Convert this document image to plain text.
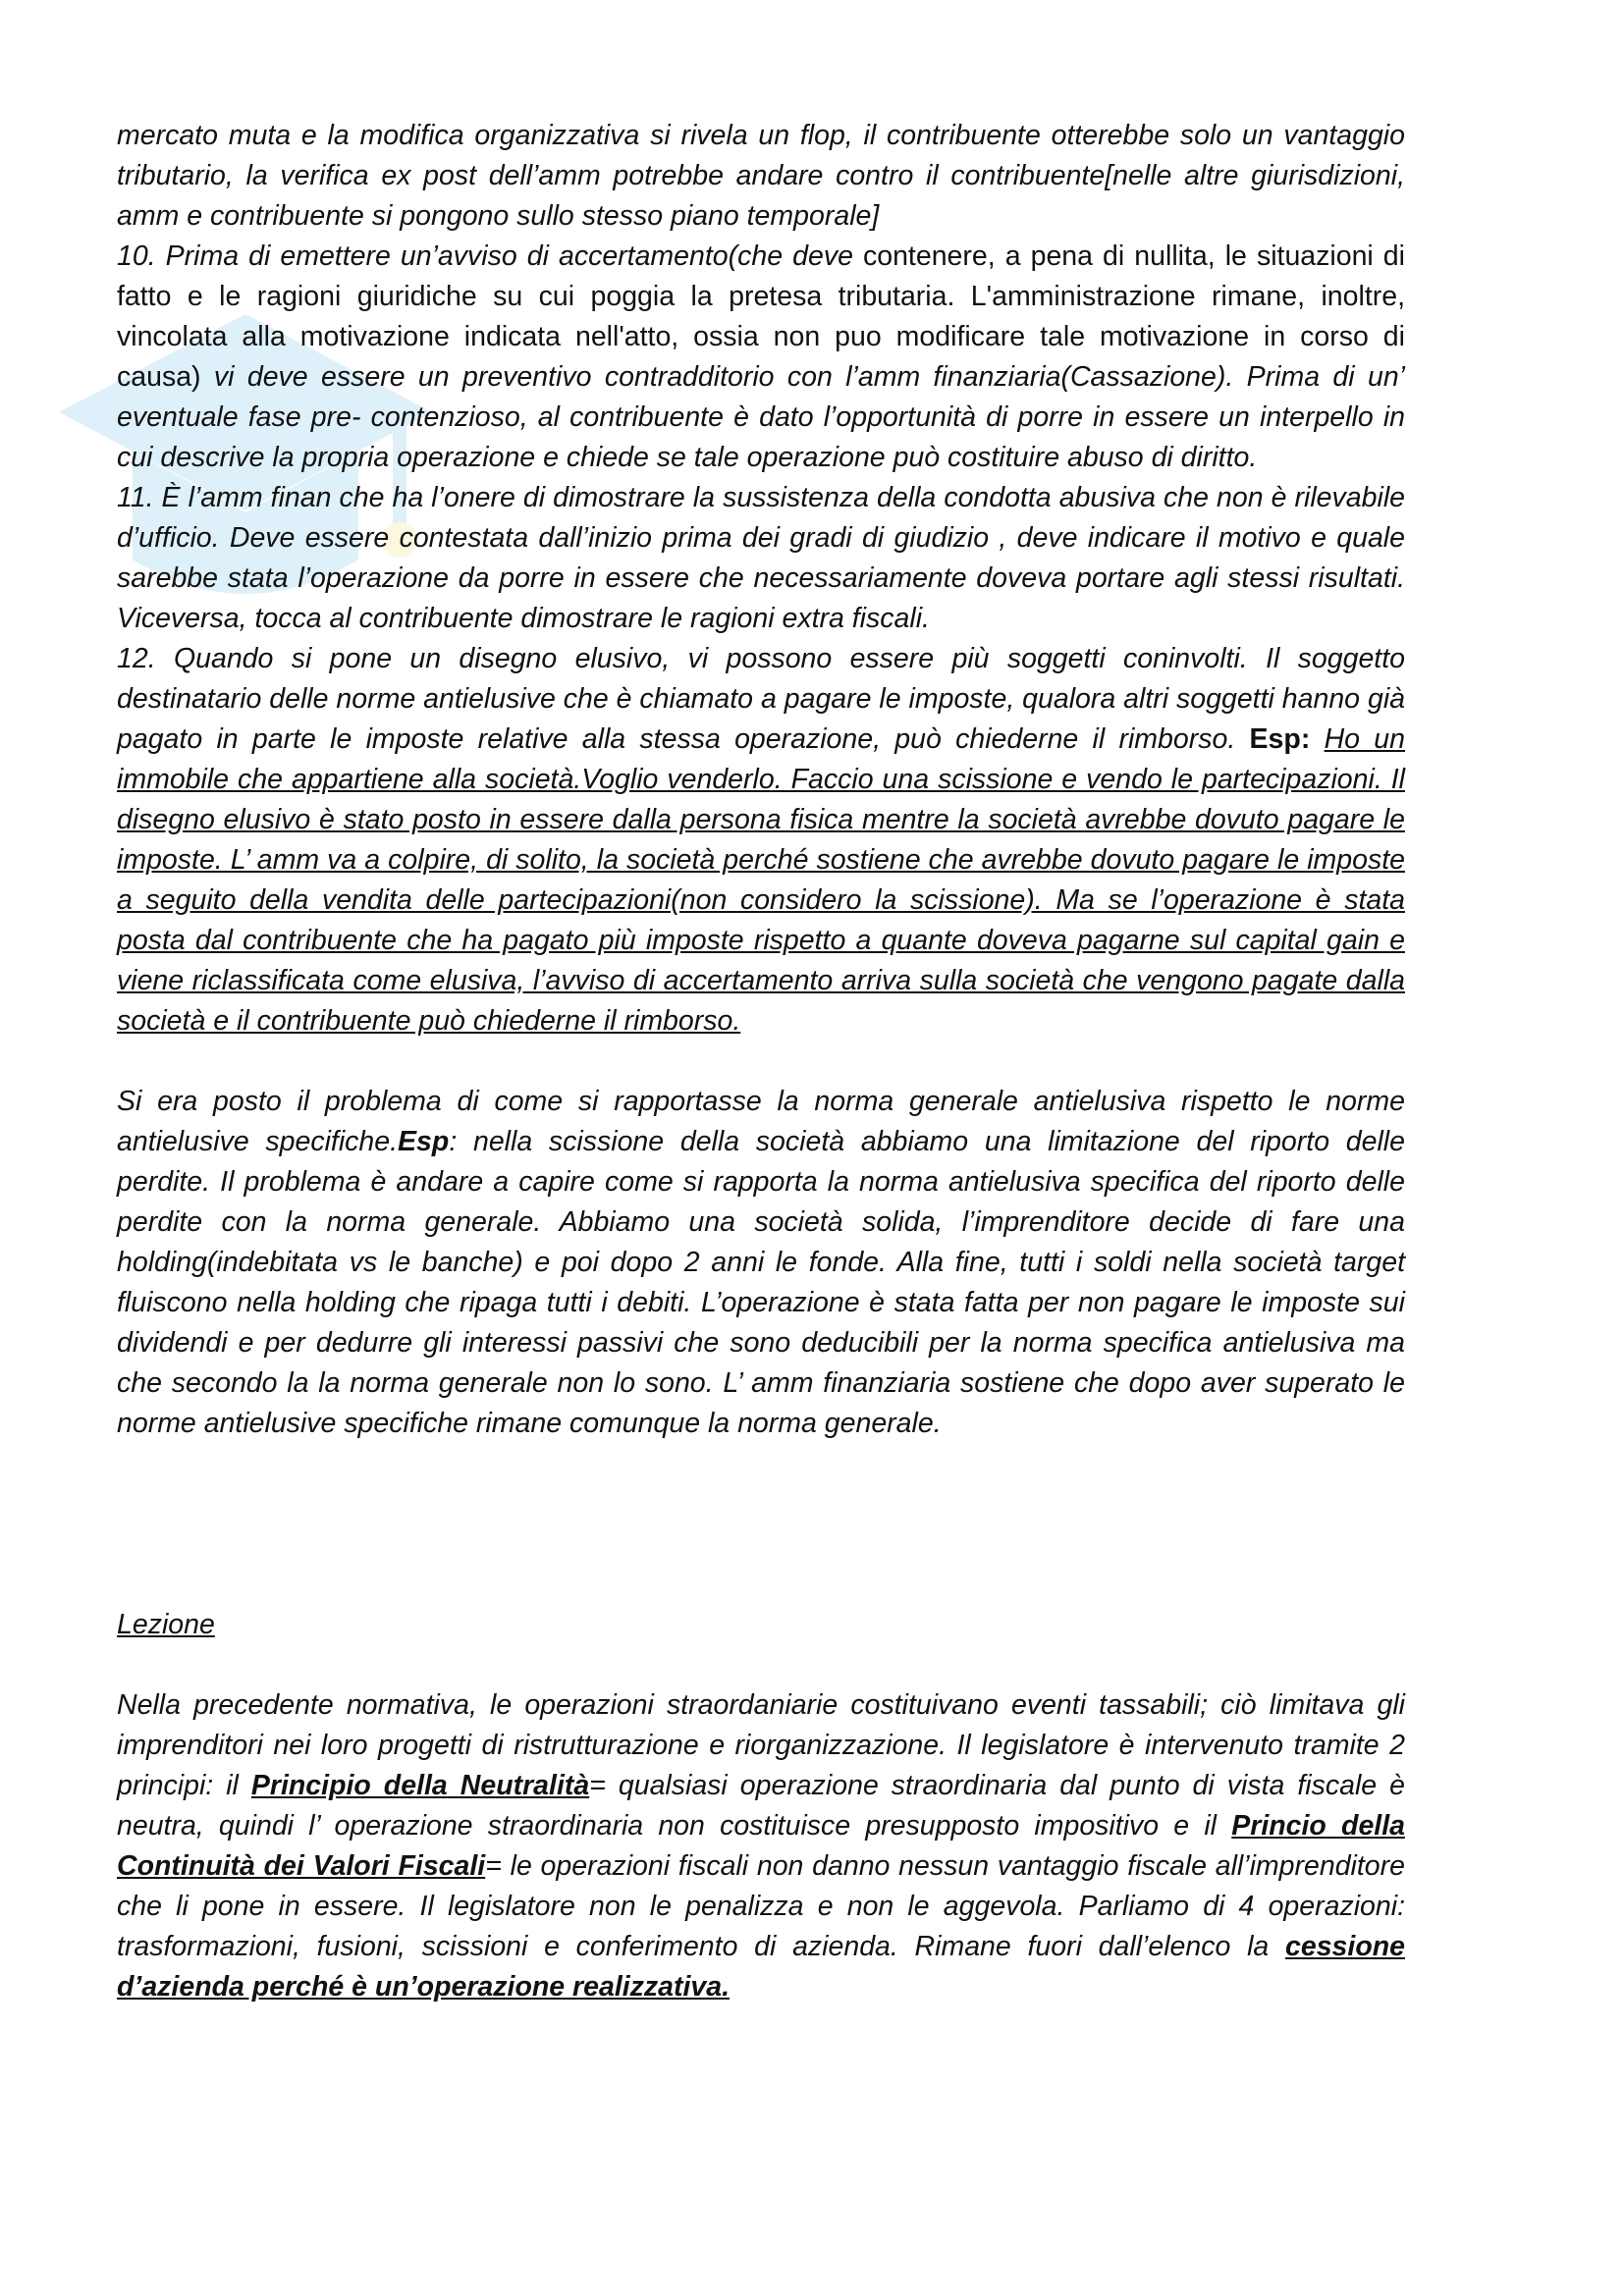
mercato muta e la modifica organizzativa si rivela un flop, il contribuente otterebbe solo un vantaggio tributario, la verifica ex post dell’amm potrebbe andare contro il contribuente[nelle altre giurisdizioni, amm e contribuente si pongono sullo stesso piano temporale]

10. Prima di emettere un’avviso di accertamento(che deve contenere, a pena di nullita, le situazioni di fatto e le ragioni giuridiche su cui poggia la pretesa tributaria. L'amministrazione rimane, inoltre, vincolata alla motivazione indicata nell'atto, ossia non puo modificare tale motivazione in corso di causa) vi deve essere un preventivo contradditorio con l’amm finanziaria(Cassazione). Prima di un’ eventuale fase pre- contenzioso, al contribuente è dato l’opportunità di porre in essere un interpello in cui descrive la propria operazione e chiede se tale operazione può costituire abuso di diritto.

11. È l’amm finan che ha l’onere di dimostrare la sussistenza della condotta abusiva che non è rilevabile d’ufficio. Deve essere contestata dall’inizio prima dei gradi di giudizio , deve indicare il motivo e quale sarebbe stata l’operazione da porre in essere che necessariamente doveva portare agli stessi risultati. Viceversa, tocca al contribuente dimostrare le ragioni extra fiscali.

12. Quando si pone un disegno elusivo, vi possono essere più soggetti coninvolti. Il soggetto destinatario delle norme antielusive che è chiamato a pagare le imposte, qualora altri soggetti hanno già pagato in parte le imposte relative alla stessa operazione, può chiederne il rimborso. Esp: Ho un immobile che appartiene alla società.Voglio venderlo. Faccio una scissione e vendo le partecipazioni. Il disegno elusivo è stato posto in essere dalla persona fisica mentre la società avrebbe dovuto pagare le imposte. L’ amm va a colpire, di solito, la società perché sostiene che avrebbe dovuto pagare le imposte a seguito della vendita delle partecipazioni(non considero la scissione). Ma se l’operazione è stata posta dal contribuente che ha pagato più imposte rispetto a quante doveva pagarne sul capital gain e viene riclassificata come elusiva, l’avviso di accertamento arriva sulla società che vengono pagate dalla società e il contribuente può chiederne il rimborso.

Si era posto il problema di come si rapportasse la norma generale antielusiva rispetto le norme antielusive specifiche.Esp: nella scissione della società abbiamo una limitazione del riporto delle perdite. Il problema è andare a capire come si rapporta la norma antielusiva specifica del riporto delle perdite con la norma generale. Abbiamo una società solida, l’imprenditore decide di fare una holding(indebitata vs le banche) e poi dopo 2 anni le fonde. Alla fine, tutti i soldi nella società target fluiscono nella holding che ripaga tutti i debiti. L’operazione è stata fatta per non pagare le imposte sui dividendi e per dedurre gli interessi passivi che sono deducibili per la norma specifica antielusiva ma che secondo la la norma generale non lo sono. L’ amm finanziaria sostiene che dopo aver superato le norme antielusive specifiche rimane comunque la norma generale.

Lezione

Nella precedente normativa, le operazioni straordaniarie costituivano eventi tassabili; ciò limitava gli imprenditori nei loro progetti di ristrutturazione e riorganizzazione. Il legislatore è intervenuto tramite 2 principi: il Principio della Neutralità= qualsiasi operazione straordinaria dal punto di vista fiscale è neutra, quindi l’ operazione straordinaria non costituisce presupposto impositivo e il Princio della Continuità dei Valori Fiscali= le operazioni fiscali non danno nessun vantaggio fiscale all’imprenditore che li pone in essere. Il legislatore non le penalizza e non le aggevola. Parliamo di 4 operazioni: trasformazioni, fusioni, scissioni e conferimento di azienda. Rimane fuori dall’elenco la cessione d’azienda perché è un’operazione realizzativa.
